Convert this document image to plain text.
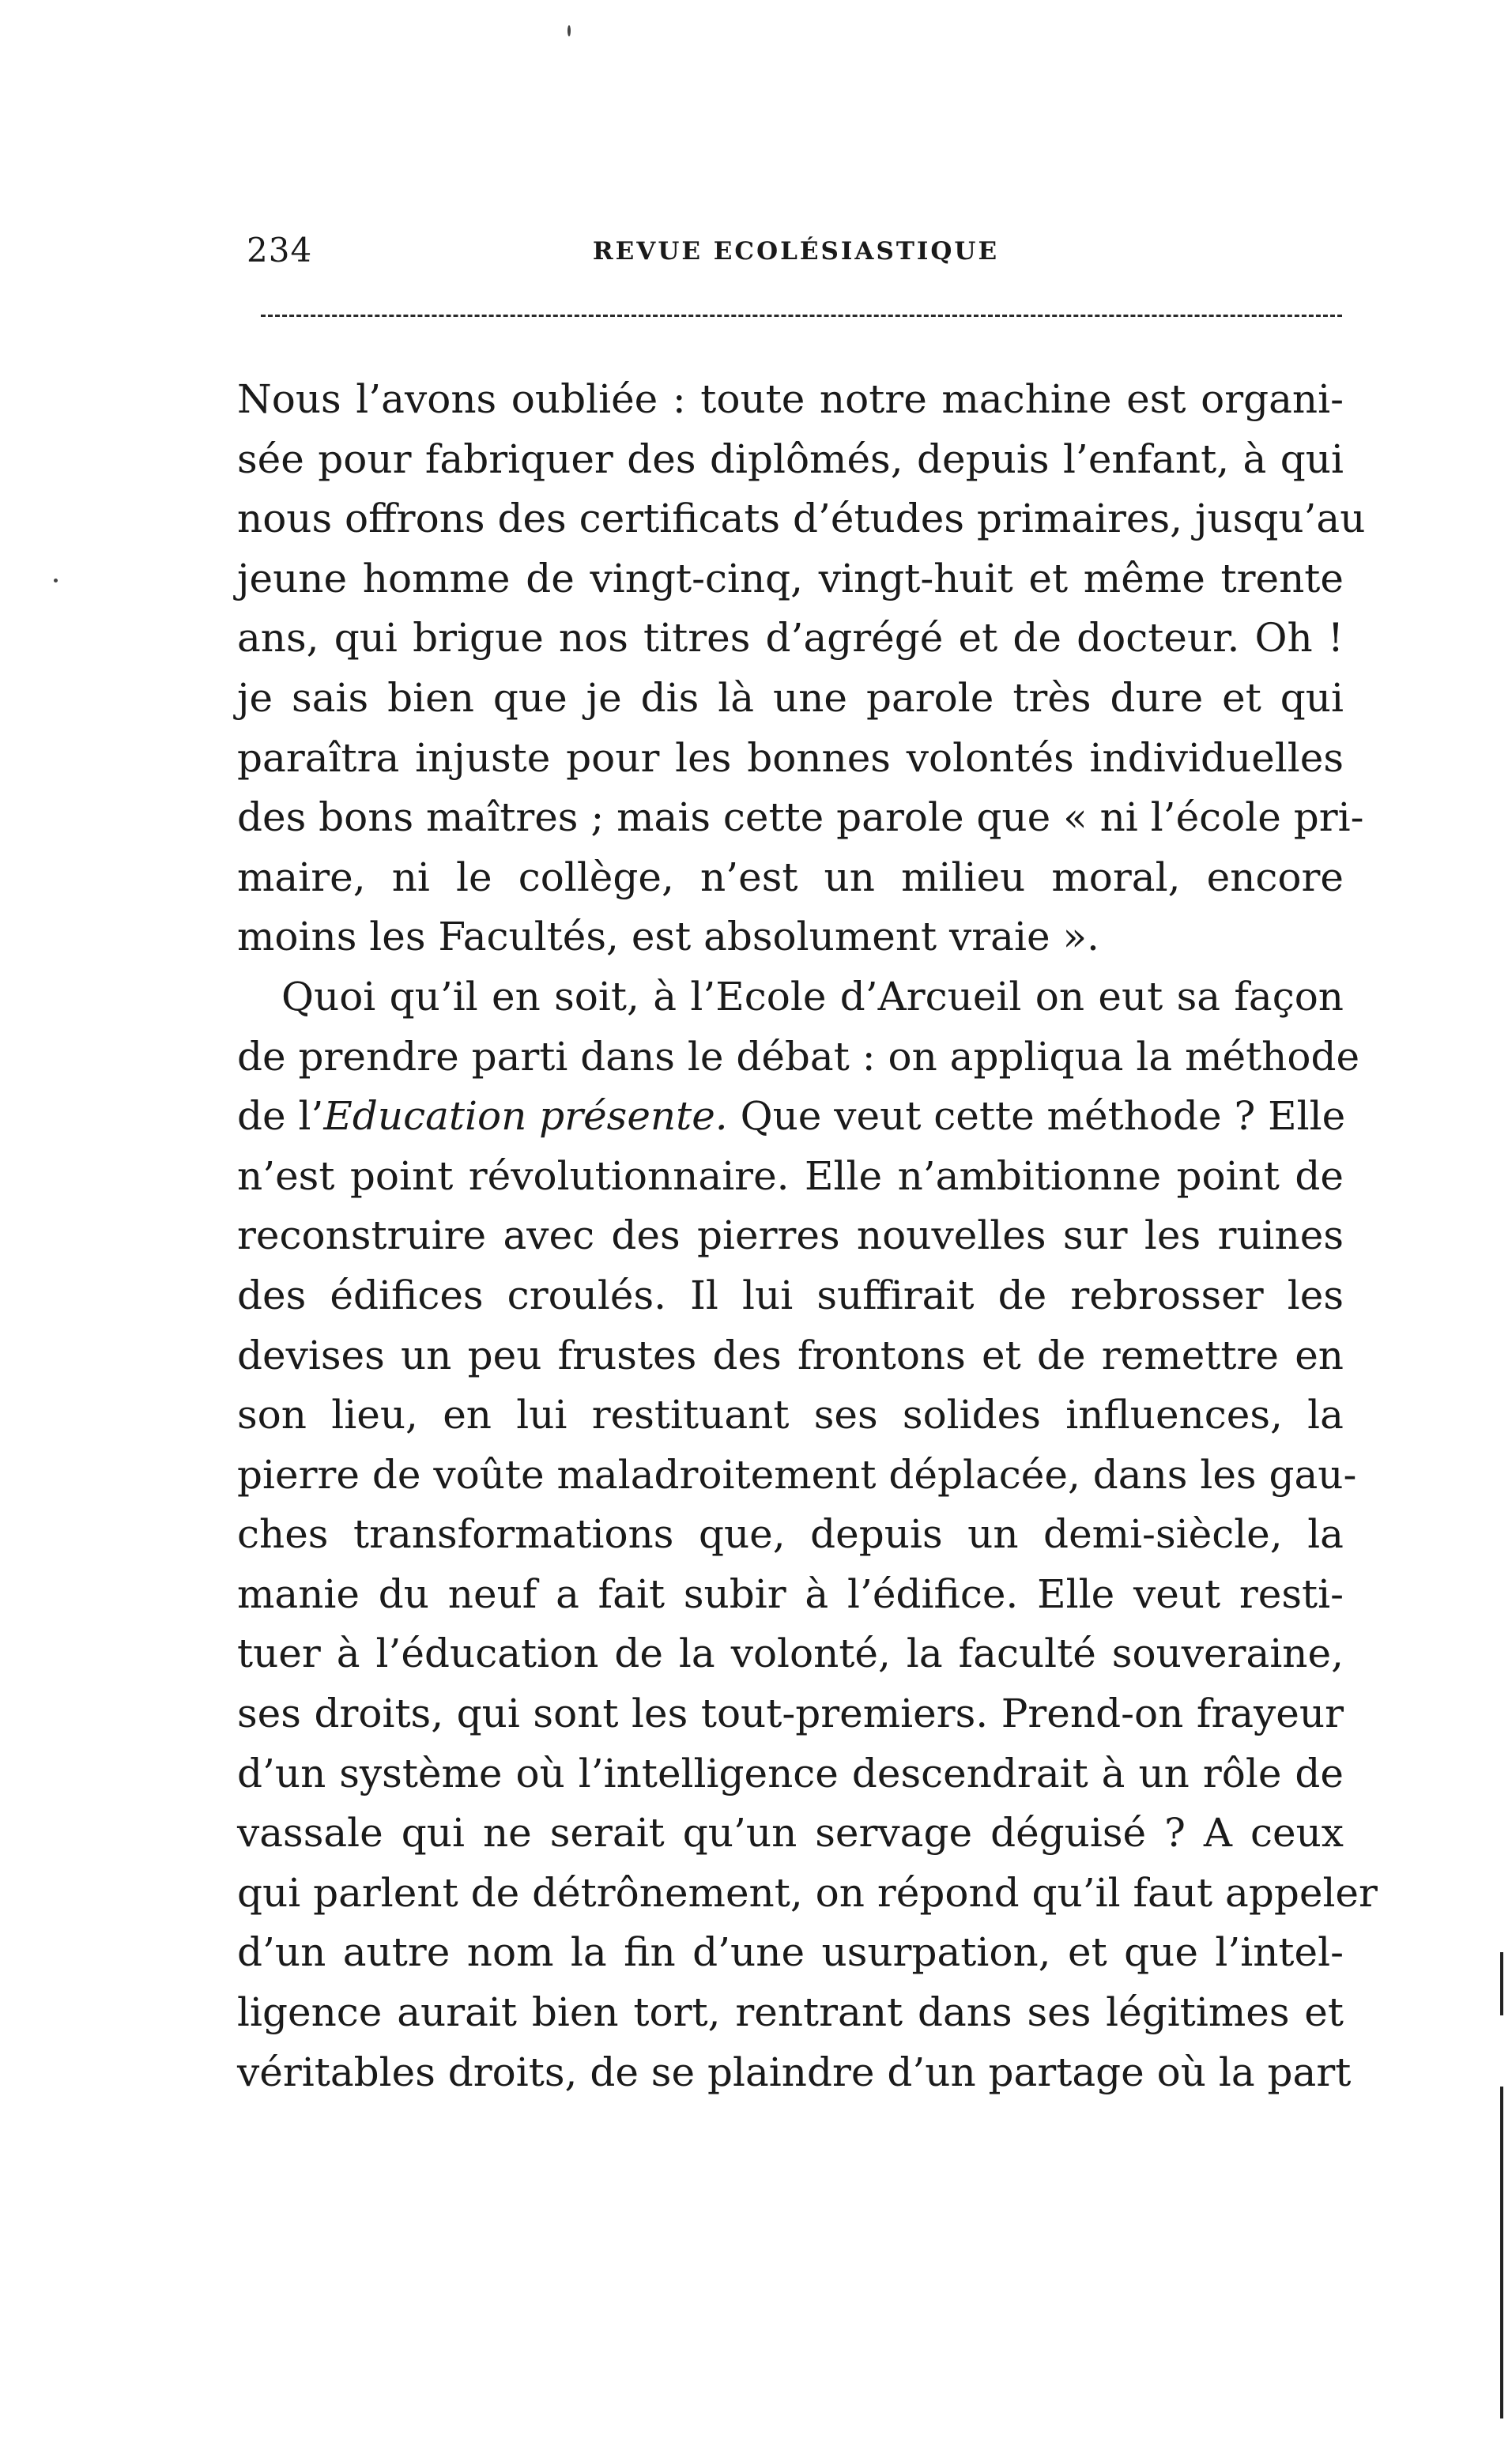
234	REVUE ECOLÉSIASTIQUE
Nous l’avons oubliée : toute notre machine est organi-
sée pour fabriquer des diplômés, depuis l’enfant, à qui
nous offrons des certificats d’études primaires, jusqu’au
jeune homme de vingt-cinq, vingt-huit et même trente
ans, qui brigue nos titres d’agrégé et de docteur. Oh !
je sais bien que je dis là une parole très dure et qui
paraîtra injuste pour les bonnes volontés individuelles
des bons maîtres ; mais cette parole que « ni l’école pri-
maire, ni le collège, n’est un milieu moral, encore
moins les Facultés, est absolument vraie ».
Quoi qu’il en soit, à l’Ecole d’Arcueil on eut sa façon
de prendre parti dans le débat : on appliqua la méthode
de l’Education présente. Que veut cette méthode ? Elle
n’est point révolutionnaire. Elle n’ambitionne point de
reconstruire avec des pierres nouvelles sur les ruines
des édifices croulés. Il lui suffirait de rebrosser les
devises un peu frustes des frontons et de remettre en
son lieu, en lui restituant ses solides influences, la
pierre de voûte maladroitement déplacée, dans les gau-
ches transformations que, depuis un demi-siècle, la
manie du neuf a fait subir à l’édifice. Elle veut resti-
tuer à l’éducation de la volonté, la faculté souveraine,
ses droits, qui sont les tout-premiers. Prend-on frayeur
d’un système où l’intelligence descendrait à un rôle de
vassale qui ne serait qu’un servage déguisé ? A ceux
qui parlent de détrônement, on répond qu’il faut appeler
d’un autre nom la fin d’une usurpation, et que l’intel-
ligence aurait bien tort, rentrant dans ses légitimes et
véritables droits, de se plaindre d’un partage où la part
